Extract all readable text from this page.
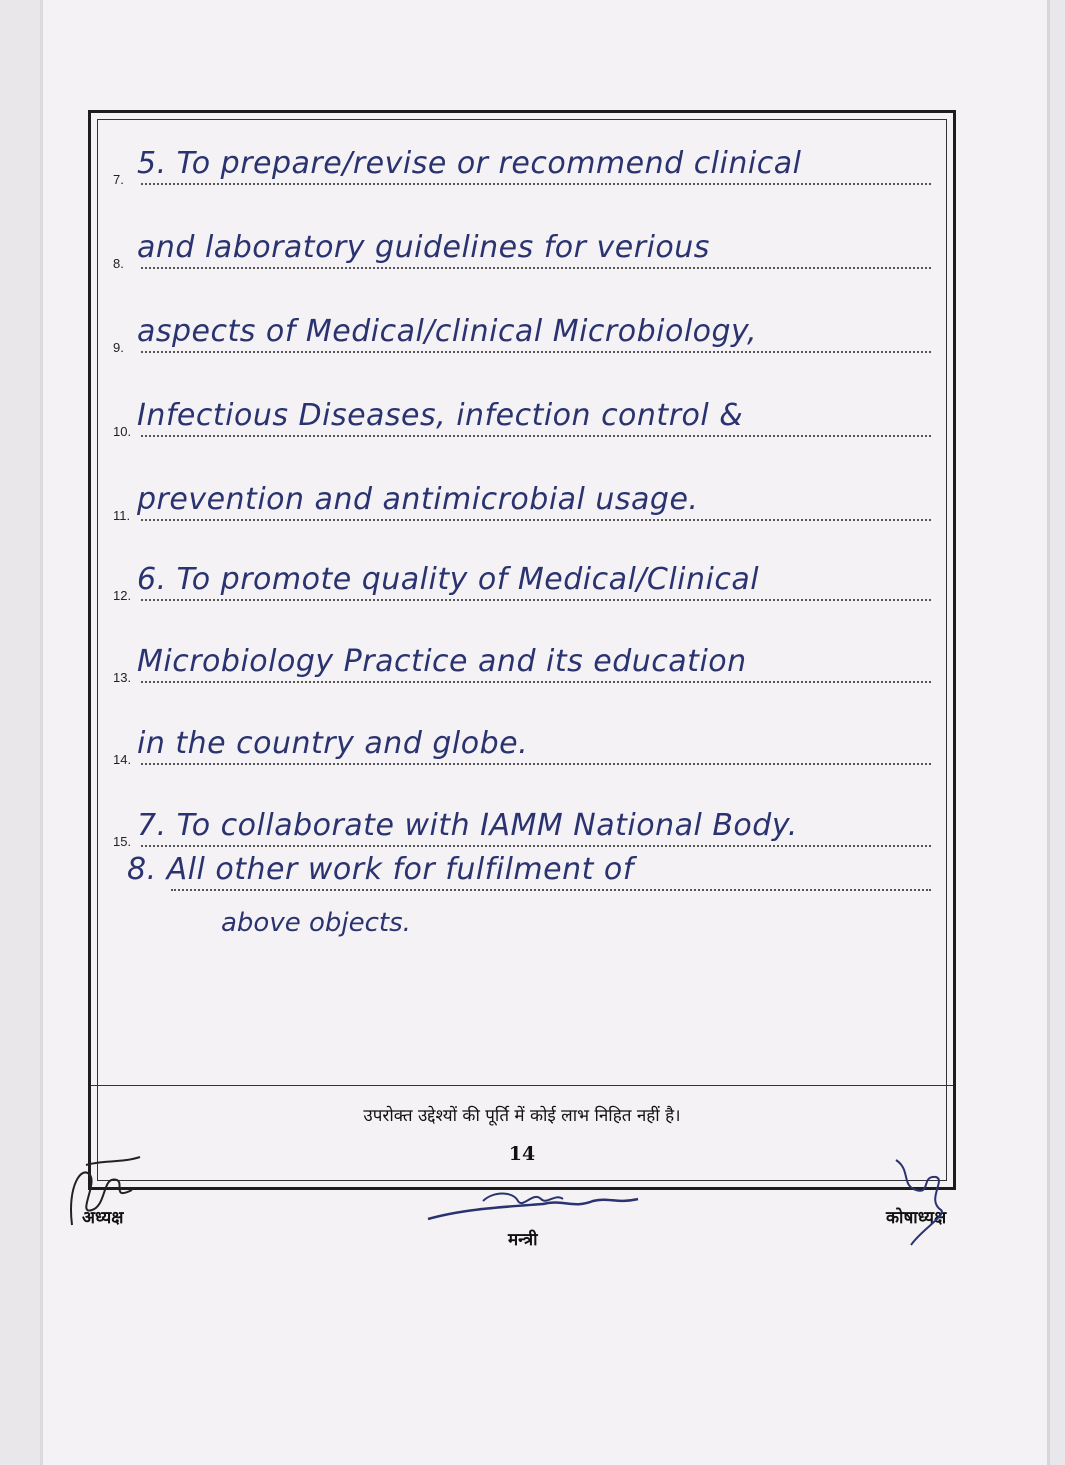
7. 5. To prepare/revise or recommend clinical
8. and laboratory guidelines for verious
9. aspects of Medical/clinical Microbiology,
10. Infectious Diseases, infection control &
11. prevention and antimicrobial usage.
12. 6. To promote quality of Medical/Clinical
13. Microbiology Practice and its education
14. in the country and globe.
15. 7. To collaborate with IAMM National Body.
8. All other work for fulfilment of
above objects.
उपरोक्त उद्देश्यों की पूर्ति में कोई लाभ निहित नहीं है।
14
अध्यक्ष
मन्त्री
कोषाध्यक्ष
